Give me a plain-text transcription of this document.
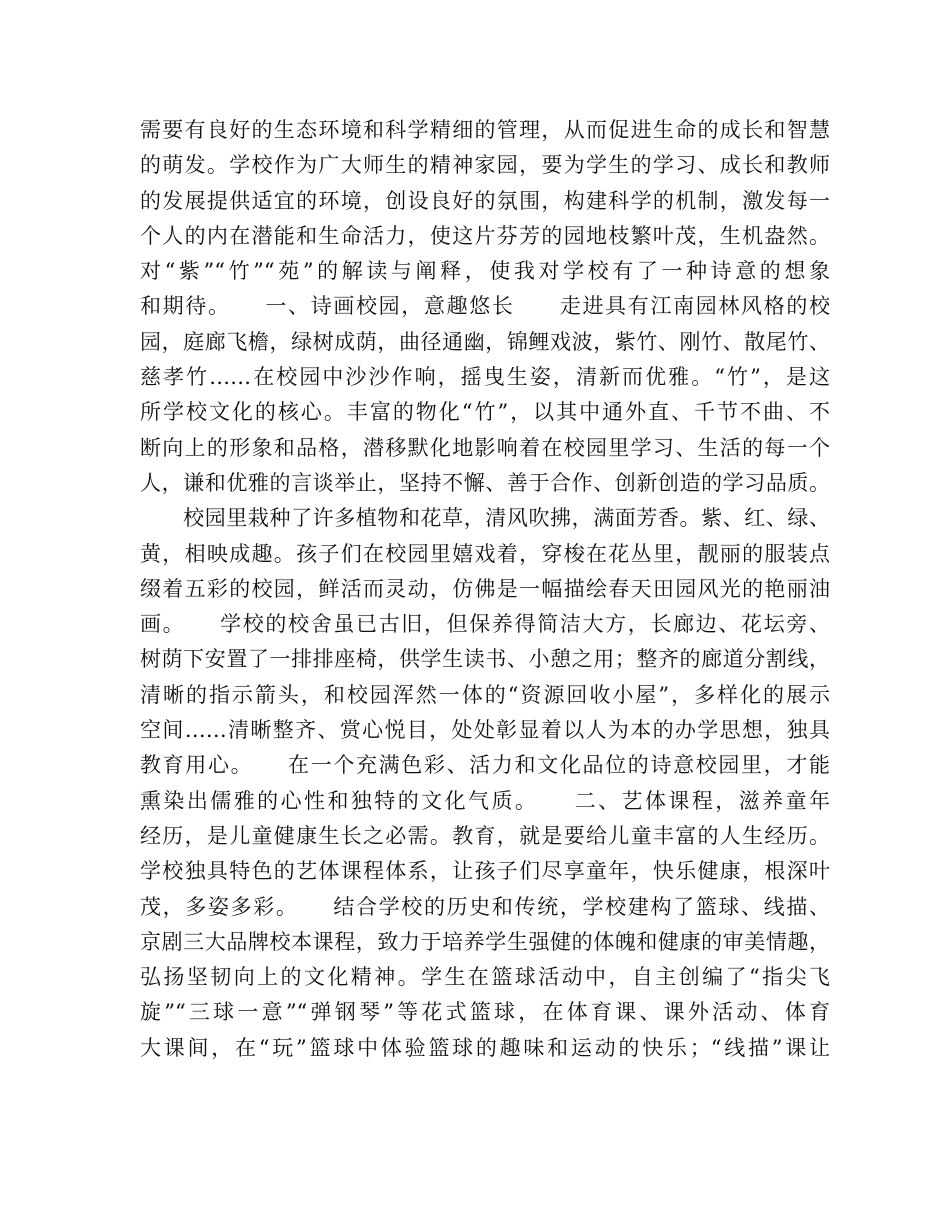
需要有良好的生态环境和科学精细的管理，从而促进生命的成长和智慧
的萌发。学校作为广大师生的精神家园，要为学生的学习、成长和教师
的发展提供适宜的环境，创设良好的氛围，构建科学的机制，激发每一
个人的内在潜能和生命活力，使这片芬芳的园地枝繁叶茂，生机盎然。
对“紫”“竹”“苑”的解读与阐释，使我对学校有了一种诗意的想象
和期待。　　一、诗画校园，意趣悠长　　走进具有江南园林风格的校
园，庭廊飞檐，绿树成荫，曲径通幽，锦鲤戏波，紫竹、刚竹、散尾竹、
慈孝竹……在校园中沙沙作响，摇曳生姿，清新而优雅。“竹”，是这
所学校文化的核心。丰富的物化“竹”，以其中通外直、千节不曲、不
断向上的形象和品格，潜移默化地影响着在校园里学习、生活的每一个
人，谦和优雅的言谈举止，坚持不懈、善于合作、创新创造的学习品质。
　　校园里栽种了许多植物和花草，清风吹拂，满面芳香。紫、红、绿、
黄，相映成趣。孩子们在校园里嬉戏着，穿梭在花丛里，靓丽的服装点
缀着五彩的校园，鲜活而灵动，仿佛是一幅描绘春天田园风光的艳丽油
画。　　学校的校舍虽已古旧，但保养得简洁大方，长廊边、花坛旁、
树荫下安置了一排排座椅，供学生读书、小憩之用；整齐的廊道分割线，
清晰的指示箭头，和校园浑然一体的“资源回收小屋”，多样化的展示
空间……清晰整齐、赏心悦目，处处彰显着以人为本的办学思想，独具
教育用心。　　在一个充满色彩、活力和文化品位的诗意校园里，才能
熏染出儒雅的心性和独特的文化气质。　　二、艺体课程，滋养童年
经历，是儿童健康生长之必需。教育，就是要给儿童丰富的人生经历。
学校独具特色的艺体课程体系，让孩子们尽享童年，快乐健康，根深叶
茂，多姿多彩。　　结合学校的历史和传统，学校建构了篮球、线描、
京剧三大品牌校本课程，致力于培养学生强健的体魄和健康的审美情趣，
弘扬坚韧向上的文化精神。学生在篮球活动中，自主创编了“指尖飞
旋”“三球一意”“弹钢琴”等花式篮球，在体育课、课外活动、体育
大课间，在“玩”篮球中体验篮球的趣味和运动的快乐；“线描”课让
